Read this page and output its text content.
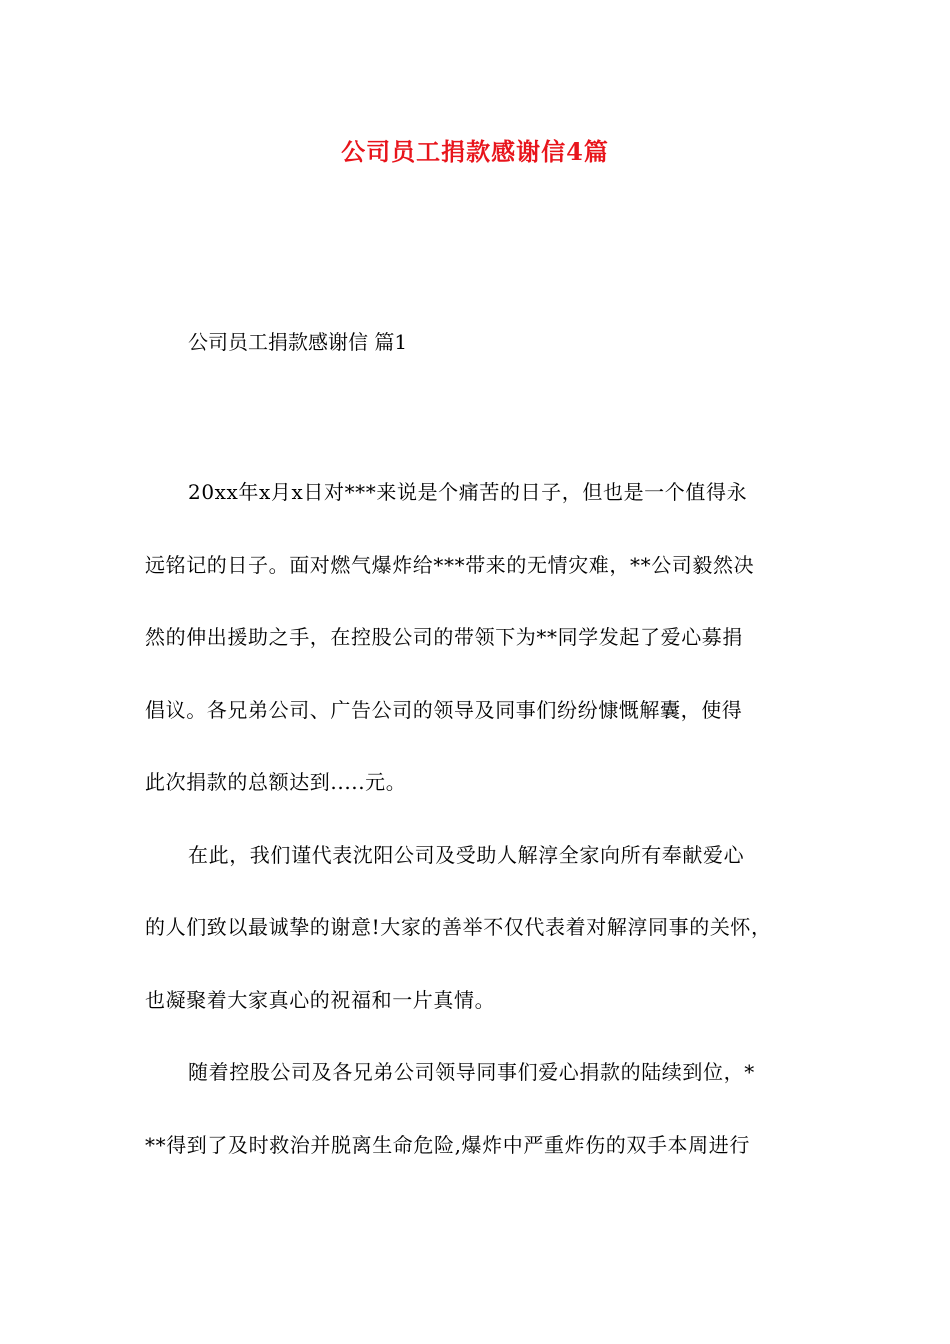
公司员工捐款感谢信4篇

公司员工捐款感谢信 篇1

20xx年x月x日对***来说是个痛苦的日子，但也是一个值得永
远铭记的日子。面对燃气爆炸给***带来的无情灾难，**公司毅然决
然的伸出援助之手，在控股公司的带领下为**同学发起了爱心募捐
倡议。各兄弟公司、广告公司的领导及同事们纷纷慷慨解囊，使得
此次捐款的总额达到.....元。
在此，我们谨代表沈阳公司及受助人解淳全家向所有奉献爱心
的人们致以最诚挚的谢意!大家的善举不仅代表着对解淳同事的关怀，
也凝聚着大家真心的祝福和一片真情。
随着控股公司及各兄弟公司领导同事们爱心捐款的陆续到位，*
**得到了及时救治并脱离生命危险,爆炸中严重炸伤的双手本周进行
